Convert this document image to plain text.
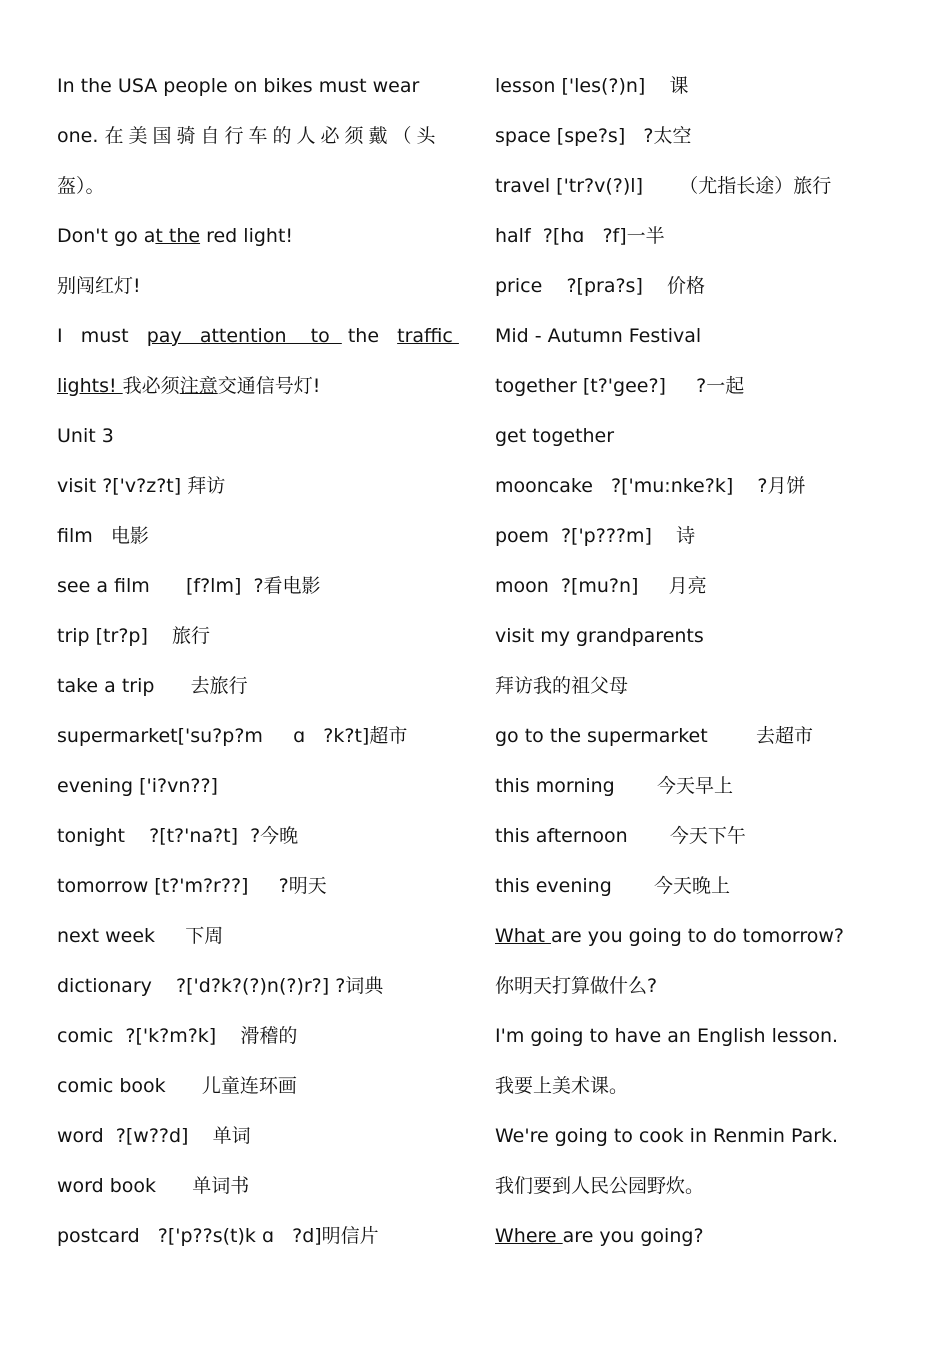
In the USA people on bikes must wear
one. 在美国骑自行车的人必须戴（头
盔）。
Don't go at the red light!
别闯红灯!
I   must   pay   attention    to   the   traffic
lights! 我必须注意交通信号灯!
Unit 3
visit ?['v?z?t] 拜访
film   电影
see a film      [f?lm]  ?看电影
trip [tr?p]    旅行
take a trip      去旅行
supermarket['su?p?m     ɑ   ?k?t]超市
evening ['i?vn??]
tonight    ?[t?'na?t]  ?今晚
tomorrow [t?'m?r??]     ?明天
next week     下周
dictionary    ?['d?k?(?)n(?)r?] ?词典
comic  ?['k?m?k]    滑稽的
comic book      儿童连环画
word  ?[w??d]    单词
word book      单词书
postcard   ?['p??s(t)k ɑ   ?d]明信片
lesson ['les(?)n]    课
space [spe?s]   ?太空
travel ['tr?v(?)l]      （尤指长途）旅行
half  ?[hɑ   ?f]一半
price    ?[pra?s]    价格
Mid - Autumn Festival
together [t?'gee?]     ?一起
get together
mooncake   ?['mu:nke?k]    ?月饼
poem  ?['p???m]    诗
moon  ?[mu?n]     月亮
visit my grandparents
拜访我的祖父母
go to the supermarket        去超市
this morning       今天早上
this afternoon       今天下午
this evening       今天晚上
What are you going to do tomorrow?
你明天打算做什么?
I'm going to have an English lesson.
我要上美术课。
We're going to cook in Renmin Park.
我们要到人民公园野炊。
Where are you going?
